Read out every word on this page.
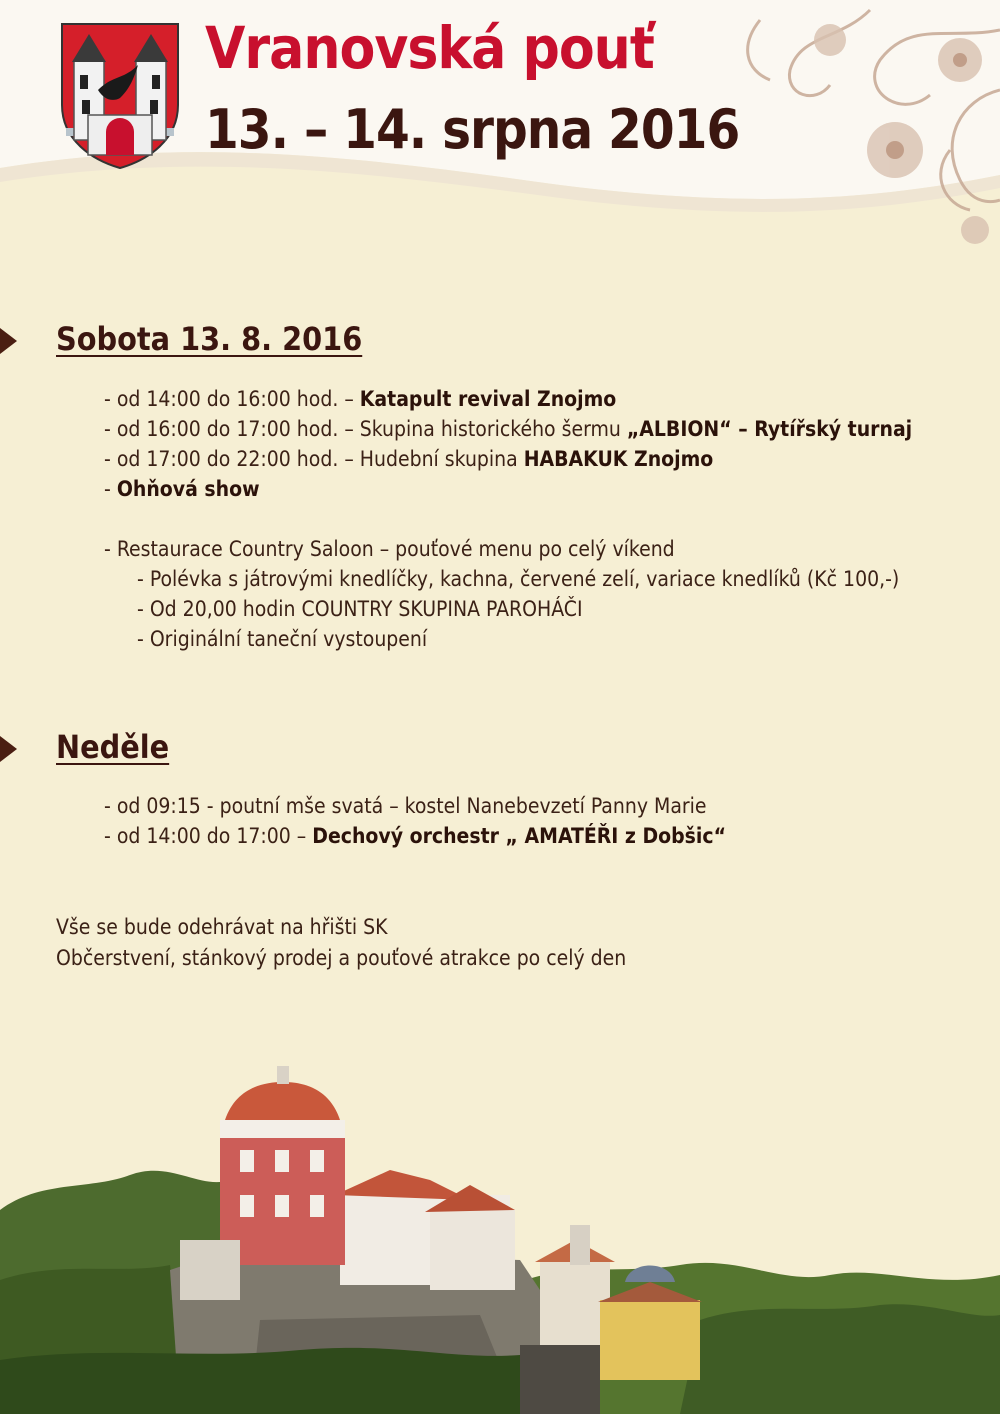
Vranovská pouť
13. – 14. srpna 2016
Sobota 13. 8. 2016
- od 14:00 do 16:00 hod. – Katapult revival Znojmo
- od 16:00 do 17:00 hod. – Skupina historického šermu „ALBION“ – Rytířský turnaj
- od 17:00 do 22:00 hod. – Hudební skupina HABAKUK Znojmo
- Ohňová show
- Restaurace Country Saloon – pouťové menu po celý víkend
- Polévka s játrovými knedlíčky, kachna, červené zelí, variace knedlíků (Kč 100,-)
- Od 20,00 hodin COUNTRY SKUPINA PAROHÁČI
- Originální taneční vystoupení
Neděle
- od 09:15 - poutní mše svatá – kostel Nanebevzetí Panny Marie
- od 14:00 do 17:00 – Dechový orchestr „ AMATÉŘI z Dobšic“
Vše se bude odehrávat na hřišti SK
Občerstvení, stánkový prodej a pouťové atrakce po celý den
